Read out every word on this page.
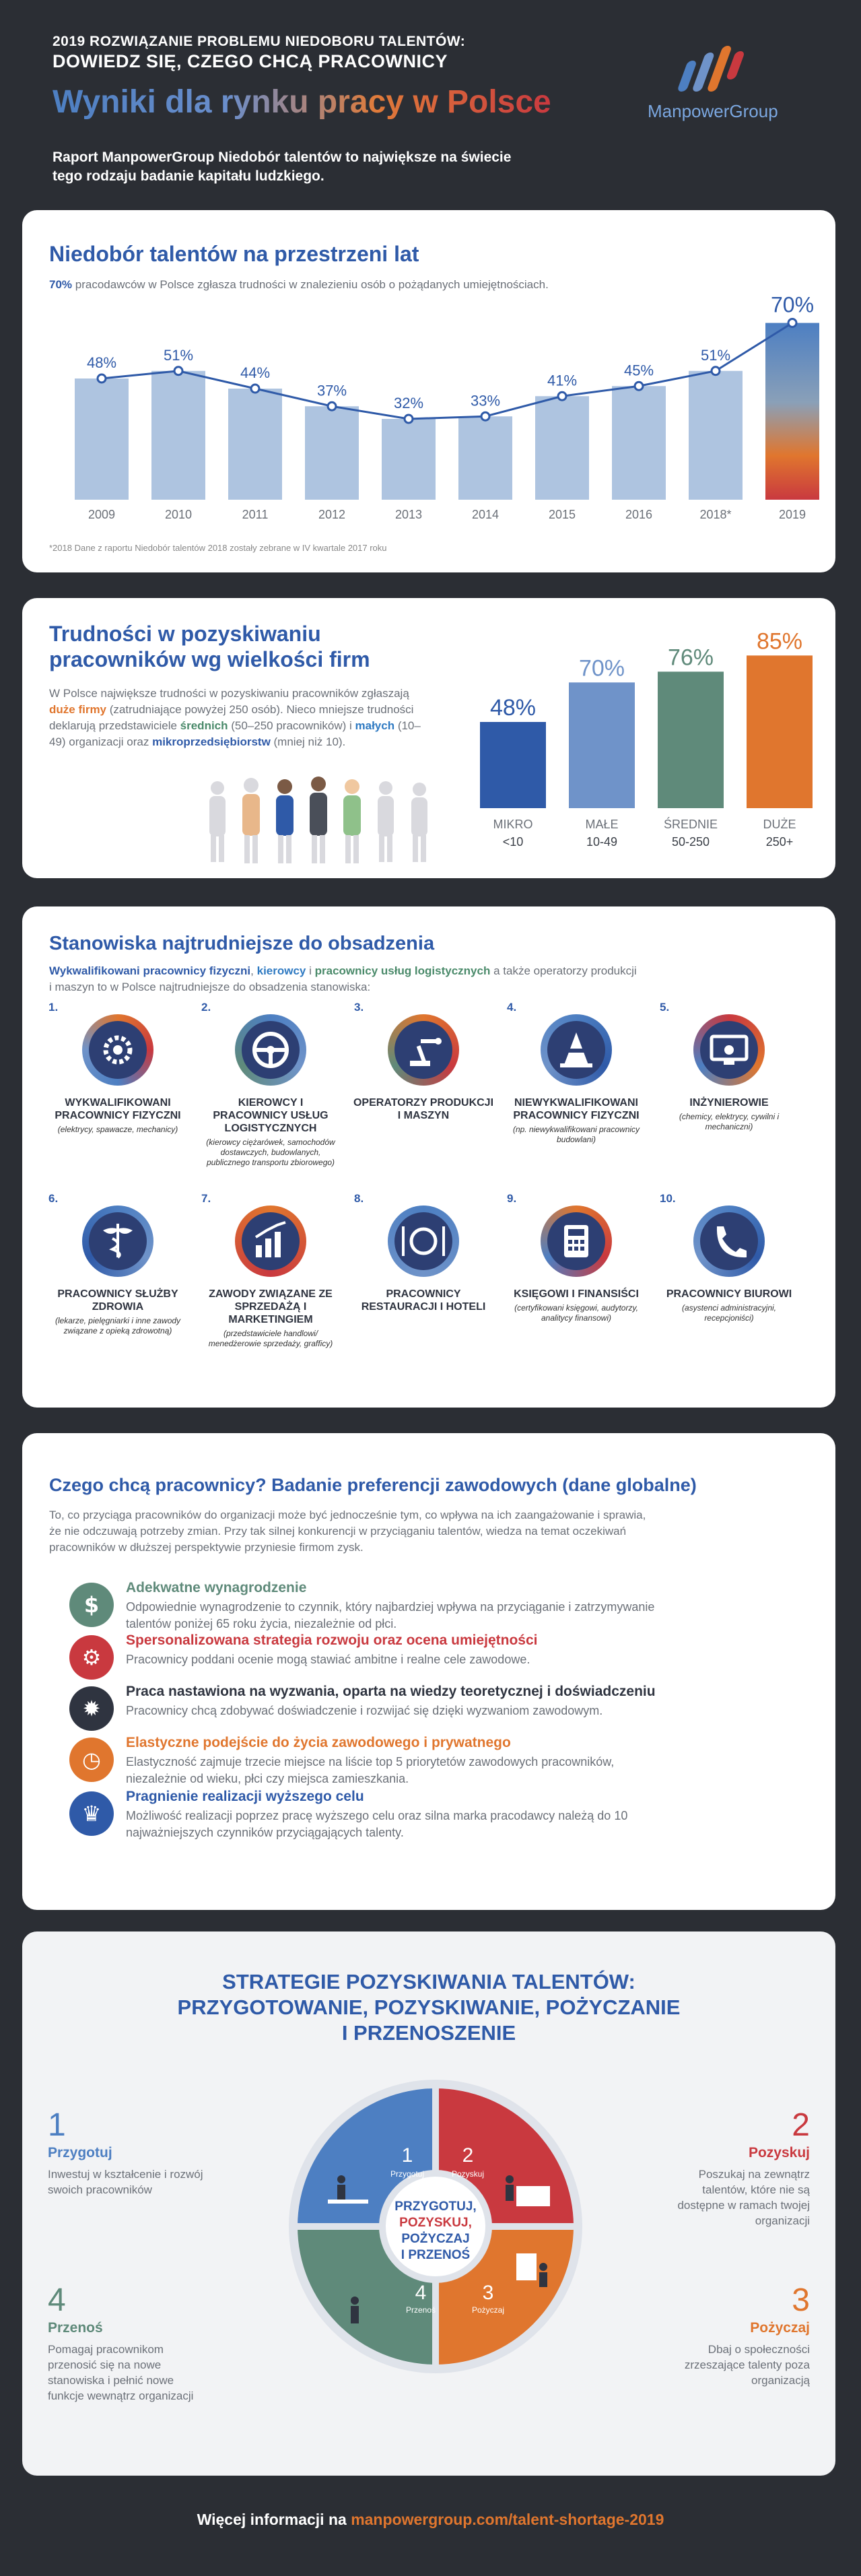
2019 ROZWIĄZANIE PROBLEMU NIEDOBORU TALENTÓW:
DOWIEDZ SIĘ, CZEGO CHCĄ PRACOWNICY
Wyniki dla rynku pracy w Polsce
Raport ManpowerGroup Niedobór talentów to największe na świecie
tego rodzaju badanie kapitału ludzkiego.
ManpowerGroup
Niedobór talentów na przestrzeni lat
70% pracodawców w Polsce zgłasza trudności w znalezieniu osób o pożądanych umiejętnościach.
48%	51%
44%
37%
32%	33%
41%
45%
51%
70%
2009	2010	2011	2012	2013	2014	2015	2016	2018*	2019
*2018 Dane z raportu Niedobór talentów 2018 zostały zebrane w IV kwartale 2017 roku
Trudności w pozyskiwaniu
pracowników wg wielkości firm
W Polsce największe trudności w pozyskiwaniu pracowników zgłaszają duże firmy (zatrudniające powyżej 250 osób). Nieco mniejsze trudności deklarują przedstawiciele średnich (50–250 pracowników) i małych (10–49) organizacji oraz mikroprzedsiębiorstw (mniej niż 10).
48%
MIKRO
<10
70%
MAŁE
10-49
76%
ŚREDNIE
50-250
85%
DUŻE
250+
Stanowiska najtrudniejsze do obsadzenia
Wykwalifikowani pracownicy fizyczni, kierowcy i pracownicy usług logistycznych a także operatorzy produkcji
i maszyn to w Polsce najtrudniejsze do obsadzenia stanowiska:
1.
WYKWALIFIKOWANI PRACOWNICY FIZYCZNI
(elektrycy, spawacze, mechanicy)
2.
KIEROWCY I PRACOWNICY USŁUG LOGISTYCZNYCH
(kierowcy ciężarówek, samochodów dostawczych, budowlanych, publicznego transportu zbiorowego)
3.
OPERATORZY PRODUKCJI I MASZYN
4.
NIEWYKWALIFIKOWANI PRACOWNICY FIZYCZNI
(np. niewykwalifikowani pracownicy budowlani)
5.
INŻYNIEROWIE
(chemicy, elektrycy, cywilni i mechaniczni)
6.
PRACOWNICY SŁUŻBY ZDROWIA
(lekarze, pielęgniarki i inne zawody związane z opieką zdrowotną)
7.
ZAWODY ZWIĄZANE ZE SPRZEDAŻĄ I MARKETINGIEM
(przedstawiciele handlowi/ menedżerowie sprzedaży, grafficy)
8.
PRACOWNICY RESTAURACJI I HOTELI
9.
KSIĘGOWI I FINANSIŚCI
(certyfikowani księgowi, audytorzy, analitycy finansowi)
10.
PRACOWNICY BIUROWI
(asystenci administracyjni, recepcjoniści)
Czego chcą pracownicy? Badanie preferencji zawodowych (dane globalne)
To, co przyciąga pracowników do organizacji może być jednocześnie tym, co wpływa na ich zaangażowanie i sprawia,
że nie odczuwają potrzeby zmian. Przy tak silnej konkurencji w przyciąganiu talentów, wiedza na temat oczekiwań
pracowników w dłuższej perspektywie przyniesie firmom zysk.
$
Adekwatne wynagrodzenie
Odpowiednie wynagrodzenie to czynnik, który najbardziej wpływa na przyciąganie i zatrzymywanie
talentów poniżej 65 roku życia, niezależnie od płci.
⚙
Spersonalizowana strategia rozwoju oraz ocena umiejętności
Pracownicy poddani ocenie mogą stawiać ambitne i realne cele zawodowe.
✹
Praca nastawiona na wyzwania, oparta na wiedzy teoretycznej i doświadczeniu
Pracownicy chcą zdobywać doświadczenie i rozwijać się dzięki wyzwaniom zawodowym.
◷
Elastyczne podejście do życia zawodowego i prywatnego
Elastyczność zajmuje trzecie miejsce na liście top 5 priorytetów zawodowych pracowników,
niezależnie od wieku, płci czy miejsca zamieszkania.
♛
Pragnienie realizacji wyższego celu
Możliwość realizacji poprzez pracę wyższego celu oraz silna marka pracodawcy należą do 10
najważniejszych czynników przyciągających talenty.
STRATEGIE POZYSKIWANIA TALENTÓW:
PRZYGOTOWANIE, POZYSKIWANIE, POŻYCZANIE
I PRZENOSZENIE
1
Przygotuj
2
Pozyskuj
3
Pożyczaj
4
Przenoś
PRZYGOTUJ,
POZYSKUJ,
POŻYCZAJ
I PRZENOŚ
1
Przygotuj
Inwestuj w kształcenie i rozwój
swoich pracowników
2
Pozyskuj
Poszukaj na zewnątrz
talentów, które nie są
dostępne w ramach twojej
organizacji
3
Pożyczaj
Dbaj o społeczności
zrzeszające talenty poza
organizacją
4
Przenoś
Pomagaj pracownikom
przenosić się na nowe
stanowiska i pełnić nowe
funkcje wewnątrz organizacji
Więcej informacji na manpowergroup.com/talent-shortage-2019
